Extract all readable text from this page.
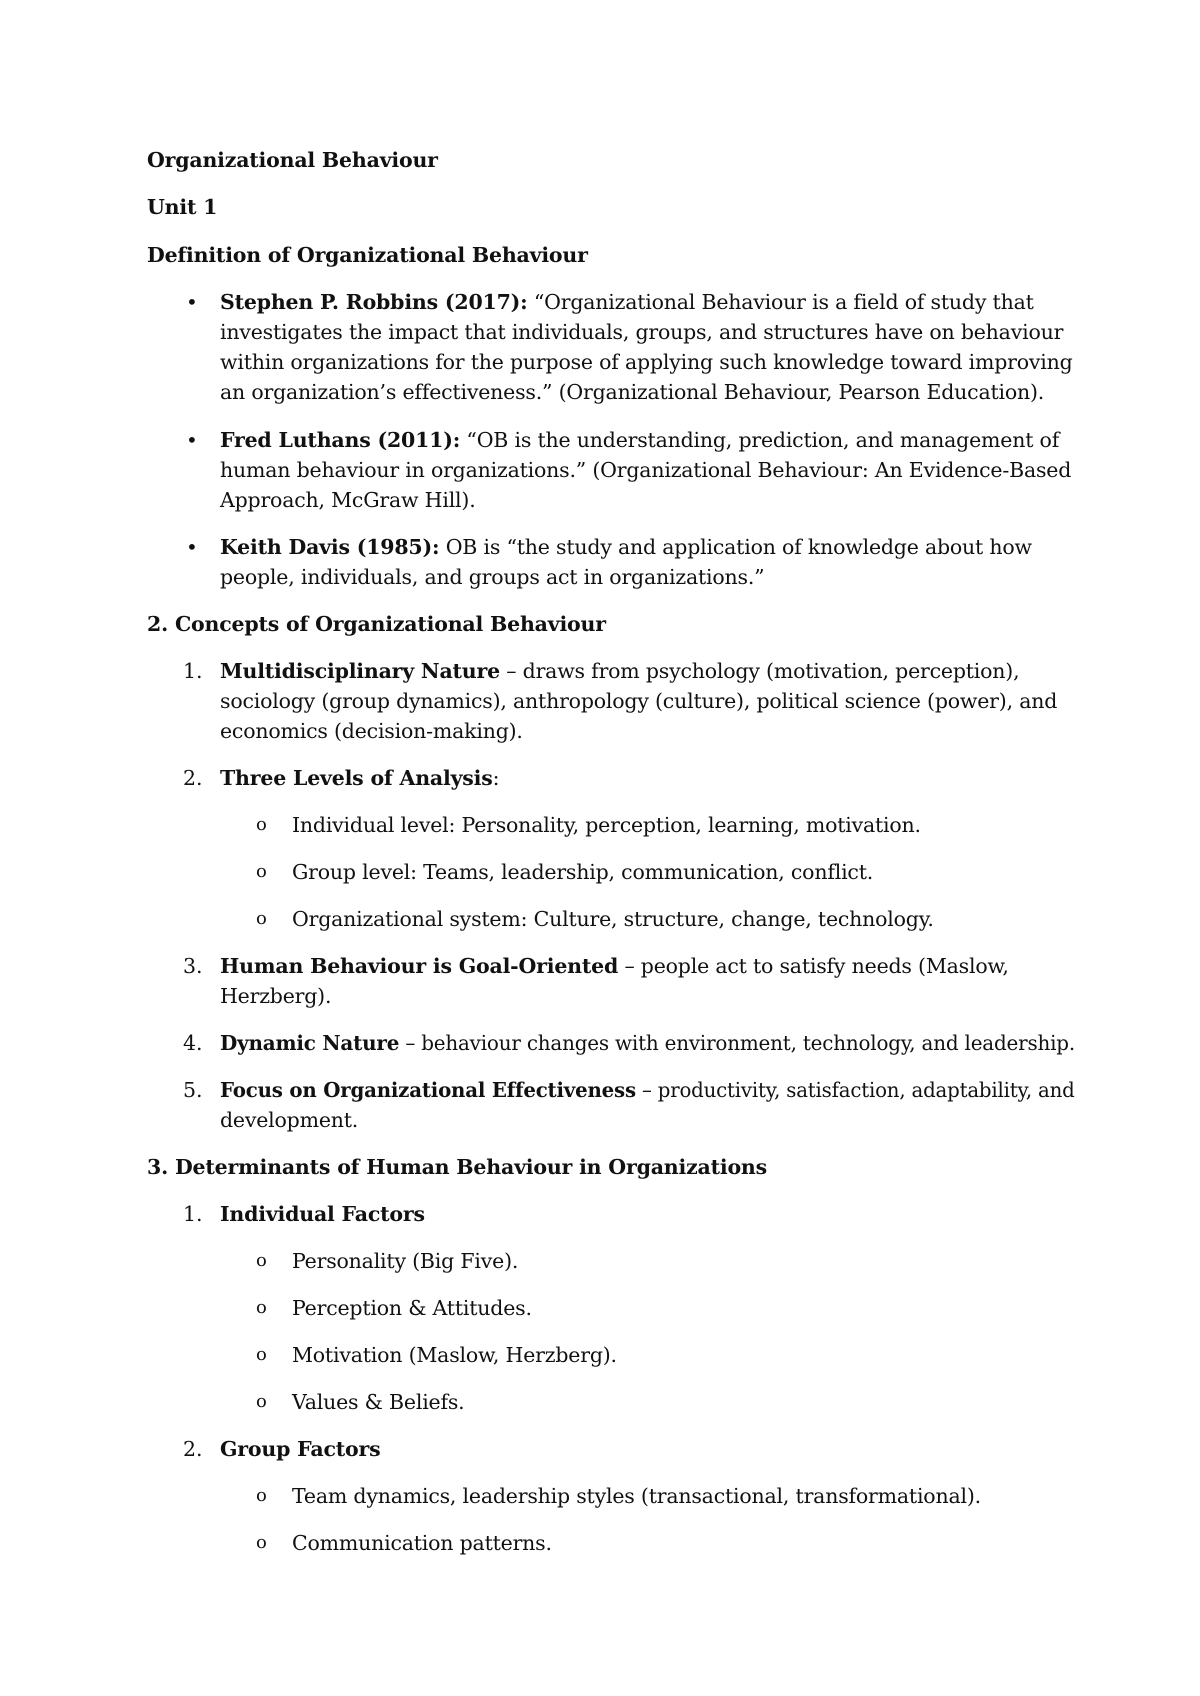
Organizational Behaviour
Unit 1
Definition of Organizational Behaviour
• Stephen P. Robbins (2017): “Organizational Behaviour is a field of study that
investigates the impact that individuals, groups, and structures have on behaviour
within organizations for the purpose of applying such knowledge toward improving
an organization’s effectiveness.” (Organizational Behaviour, Pearson Education).
• Fred Luthans (2011): “OB is the understanding, prediction, and management of
human behaviour in organizations.” (Organizational Behaviour: An Evidence-Based
Approach, McGraw Hill).
• Keith Davis (1985): OB is “the study and application of knowledge about how
people, individuals, and groups act in organizations.”
2. Concepts of Organizational Behaviour
1. Multidisciplinary Nature – draws from psychology (motivation, perception),
sociology (group dynamics), anthropology (culture), political science (power), and
economics (decision-making).
2. Three Levels of Analysis:
o Individual level: Personality, perception, learning, motivation.
o Group level: Teams, leadership, communication, conflict.
o Organizational system: Culture, structure, change, technology.
3. Human Behaviour is Goal-Oriented – people act to satisfy needs (Maslow,
Herzberg).
4. Dynamic Nature – behaviour changes with environment, technology, and leadership.
5. Focus on Organizational Effectiveness – productivity, satisfaction, adaptability, and
development.
3. Determinants of Human Behaviour in Organizations
1. Individual Factors
o Personality (Big Five).
o Perception & Attitudes.
o Motivation (Maslow, Herzberg).
o Values & Beliefs.
2. Group Factors
o Team dynamics, leadership styles (transactional, transformational).
o Communication patterns.
